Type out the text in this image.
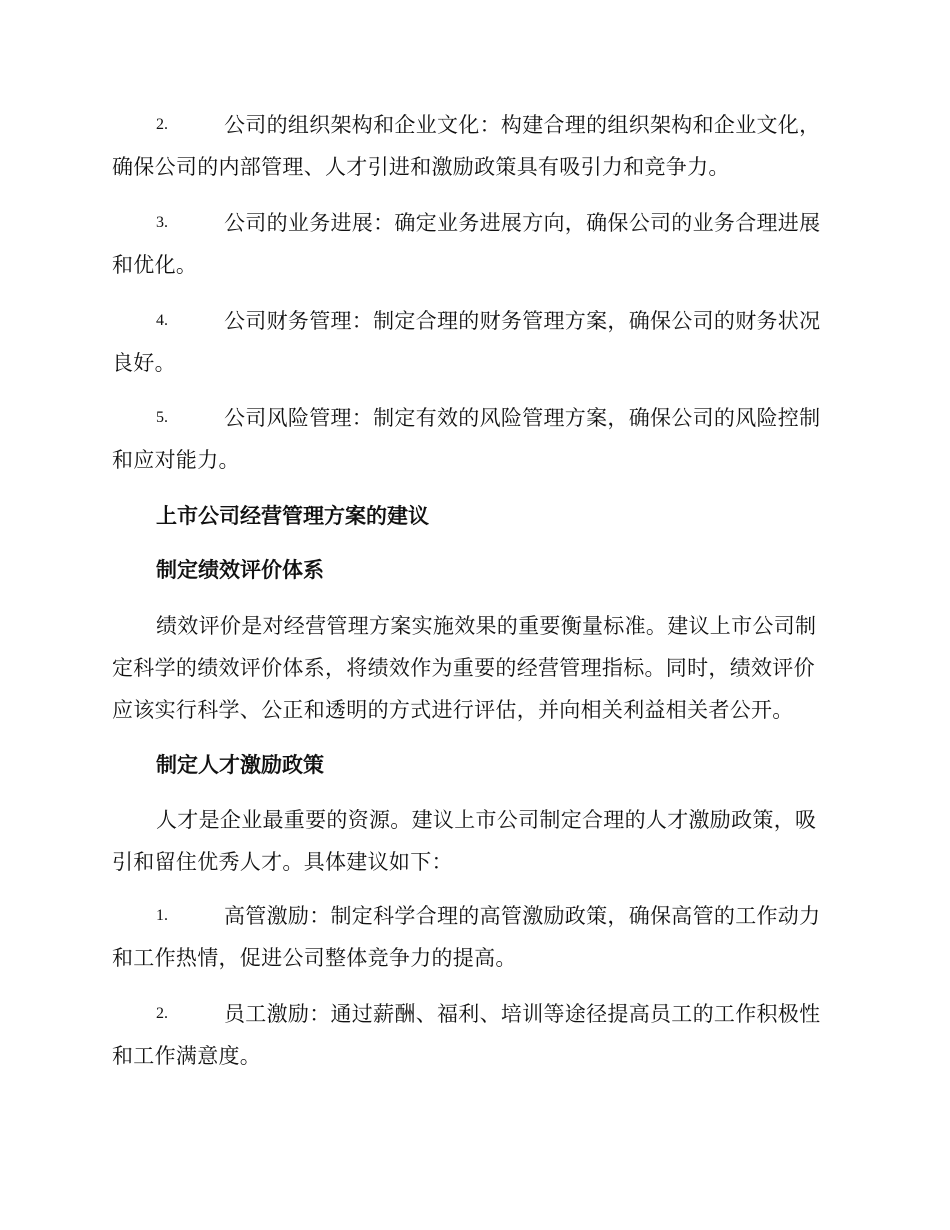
2.	公司的组织架构和企业文化：构建合理的组织架构和企业文化，确保公司的内部管理、人才引进和激励政策具有吸引力和竞争力。
3.	公司的业务进展：确定业务进展方向，确保公司的业务合理进展和优化。
4.	公司财务管理：制定合理的财务管理方案，确保公司的财务状况良好。
5.	公司风险管理：制定有效的风险管理方案，确保公司的风险控制和应对能力。
上市公司经营管理方案的建议
制定绩效评价体系
绩效评价是对经营管理方案实施效果的重要衡量标准。建议上市公司制定科学的绩效评价体系，将绩效作为重要的经营管理指标。同时，绩效评价应该实行科学、公正和透明的方式进行评估，并向相关利益相关者公开。
制定人才激励政策
人才是企业最重要的资源。建议上市公司制定合理的人才激励政策，吸引和留住优秀人才。具体建议如下：
1.	高管激励：制定科学合理的高管激励政策，确保高管的工作动力和工作热情，促进公司整体竞争力的提高。
2.	员工激励：通过薪酬、福利、培训等途径提高员工的工作积极性和工作满意度。
